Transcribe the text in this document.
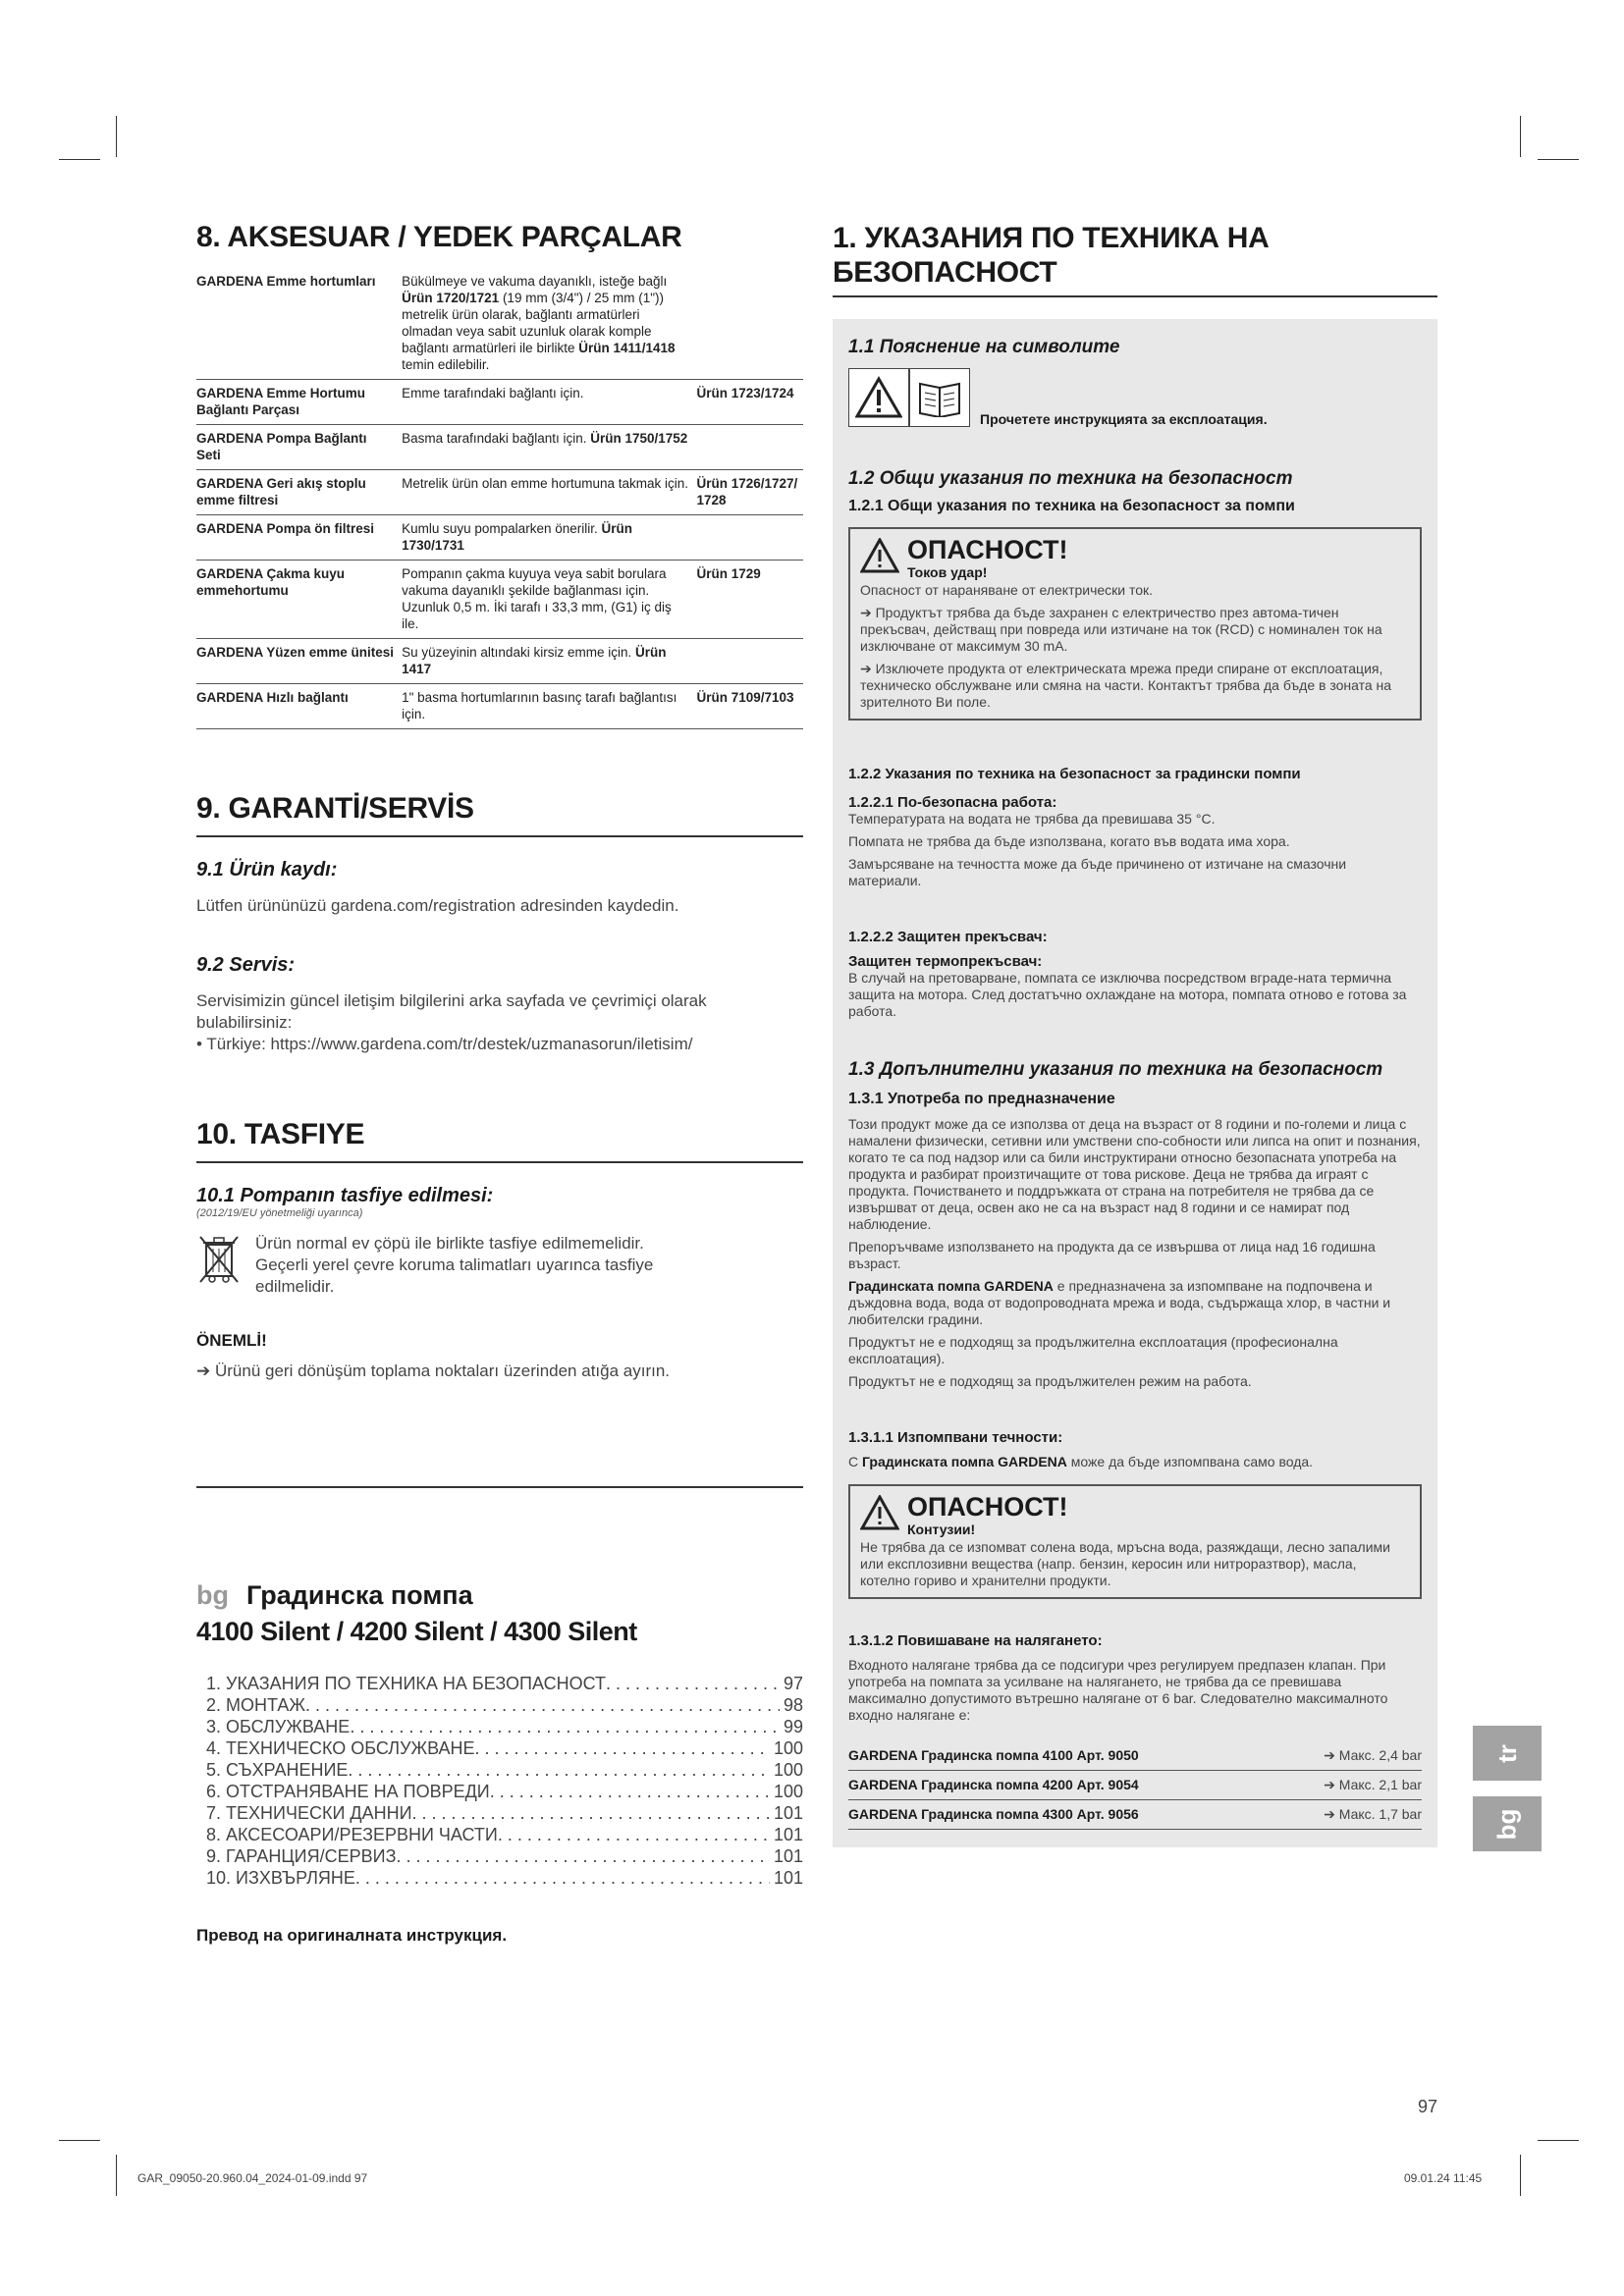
8. AKSESUAR / YEDEK PARÇALAR
GARDENA Emme hortumları	Bükülmeye ve vakuma dayanıklı, isteğe bağlı Ürün 1720/1721 (19 mm (3/4") / 25 mm (1")) metrelik ürün olarak, bağlantı armatürleri olmadan veya sabit uzunluk olarak komple bağlantı armatürleri ile birlikte Ürün 1411/1418 temin edilebilir.	
GARDENA Emme Hortumu Bağlantı Parçası	Emme tarafındaki bağlantı için.	Ürün 1723/1724
GARDENA Pompa Bağlantı Seti	Basma tarafındaki bağlantı için. Ürün 1750/1752	
GARDENA Geri akış stoplu emme filtresi	Metrelik ürün olan emme hortumuna takmak için.	Ürün 1726/1727/ 1728
GARDENA Pompa ön filtresi	Kumlu suyu pompalarken önerilir. Ürün 1730/1731	
GARDENA Çakma kuyu emmehortumu	Pompanın çakma kuyuya veya sabit borulara vakuma dayanıklı şekilde bağlanması için. Uzunluk 0,5 m. İki tarafı ı 33,3 mm, (G1) iç diş ile.	Ürün 1729
GARDENA Yüzen emme ünitesi	Su yüzeyinin altındaki kirsiz emme için. Ürün 1417	
GARDENA Hızlı bağlantı	1" basma hortumlarının basınç tarafı bağlantısı için.	Ürün 7109/7103
9. GARANTİ/SERVİS
9.1 Ürün kaydı:

Lütfen ürününüzü gardena.com/registration adresinden kaydedin.

9.2 Servis:

Servisimizin güncel iletişim bilgilerini arka sayfada ve çevrimiçi olarak bulabilirsiniz:

• Türkiye: https://www.gardena.com/tr/destek/uzmanasorun/iletisim/

10. TASFIYE
10.1 Pompanın tasfiye edilmesi:
(2012/19/EU yönetmeliği uyarınca)

Ürün normal ev çöpü ile birlikte tasfiye edilmemelidir. Geçerli yerel çevre koruma talimatları uyarınca tasfiye edilmelidir.

ÖNEMLİ!

➔ Ürünü geri dönüşüm toplama noktaları üzerinden atığa ayırın.

bg Градинска помпа
4100 Silent / 4200 Silent / 4300 Silent
1. УКАЗАНИЯ ПО ТЕХНИКА НА БЕЗОПАСНОСТ . . .	97
2. МОНТАЖ . . .	98
3. ОБСЛУЖВАНЕ . . .	99
4. ТЕХНИЧЕСКО ОБСЛУЖВАНЕ . . .	100
5. СЪХРАНЕНИЕ . . .	100
6. ОТСТРАНЯВАНЕ НА ПОВРЕДИ . . .	100
7. ТЕХНИЧЕСКИ ДАННИ . . .	101
8. АКСЕСОАРИ/РЕЗЕРВНИ ЧАСТИ . . .	101
9. ГАРАНЦИЯ/СЕРВИЗ . . .	101
10. ИЗХВЪРЛЯНЕ . . .	101
Превод на оригиналната инструкция.
1. УКАЗАНИЯ ПО ТЕХНИКА НА БЕЗОПАСНОСТ
1.1 Пояснение на символите
Прочетете инструкцията за експлоатация.
1.2 Общи указания по техника на безопасност
1.2.1 Общи указания по техника на безопасност за помпи
ОПАСНОСТ!
Токов удар!

Опасност от нараняване от електрически ток.

➔ Продуктът трябва да бъде захранен с електричество през автома-тичен прекъсвач, действащ при повреда или изтичане на ток (RCD) с номинален ток на изключване от максимум 30 mA.

➔ Изключете продукта от електрическата мрежа преди спиране от експлоатация, техническо обслужване или смяна на части. Контактът трябва да бъде в зоната на зрителното Ви поле.

1.2.2 Указания по техника на безопасност за градински помпи
1.2.2.1 По-безопасна работа:

Температурата на водата не трябва да превишава 35 °C.

Помпата не трябва да бъде използвана, когато във водата има хора.

Замърсяване на течността може да бъде причинено от изтичане на смазочни материали.

1.2.2.2 Защитен прекъсвач:
Защитен термопрекъсвач:

В случай на претоварване, помпата се изключва посредством вграде-ната термична защита на мотора. След достатъчно охлаждане на мотора, помпата отново е готова за работа.

1.3 Допълнителни указания по техника на безопасност
1.3.1 Употреба по предназначение

Този продукт може да се използва от деца на възраст от 8 години и по-големи и лица с намалени физически, сетивни или умствени спо-собности или липса на опит и познания, когато те са под надзор или са били инструктирани относно безопасната употреба на продукта и разбират произтичащите от това рискове. Деца не трябва да играят с продукта. Почистването и поддръжката от страна на потребителя не трябва да се извършват от деца, освен ако не са на възраст над 8 години и се намират под наблюдение.

Препоръчваме използването на продукта да се извършва от лица над 16 годишна възраст.

Градинската помпа GARDENA е предназначена за изпомпване на подпочвена и дъждовна вода, вода от водопроводната мрежа и вода, съдържаща хлор, в частни и любителски градини.

Продуктът не е подходящ за продължителна експлоатация (професионална експлоатация).

Продуктът не е подходящ за продължителен режим на работа.

1.3.1.1 Изпомпвани течности:

С Градинската помпа GARDENA може да бъде изпомпвана само вода.

ОПАСНОСТ!
Контузии!

Не трябва да се изпомват солена вода, мръсна вода, разяждащи, лесно запалими или експлозивни вещества (напр. бензин, керосин или нитроразтвор), масла, котелно гориво и хранителни продукти.

1.3.1.2 Повишаване на налягането:

Входното налягане трябва да се подсигури чрез регулируем предпазен клапан. При употреба на помпата за усилване на налягането, не трябва да се превишава максимално допустимото вътрешно налягане от 6 bar. Следователно максималното входно налягане е:

GARDENA Градинска помпа 4100 Арт. 9050	➔ Макс. 2,4 bar
GARDENA Градинска помпа 4200 Арт. 9054	➔ Макс. 2,1 bar
GARDENA Градинска помпа 4300 Арт. 9056	➔ Макс. 1,7 bar
tr
bg
97
GAR_09050-20.960.04_2024-01-09.indd 97	09.01.24 11:45
